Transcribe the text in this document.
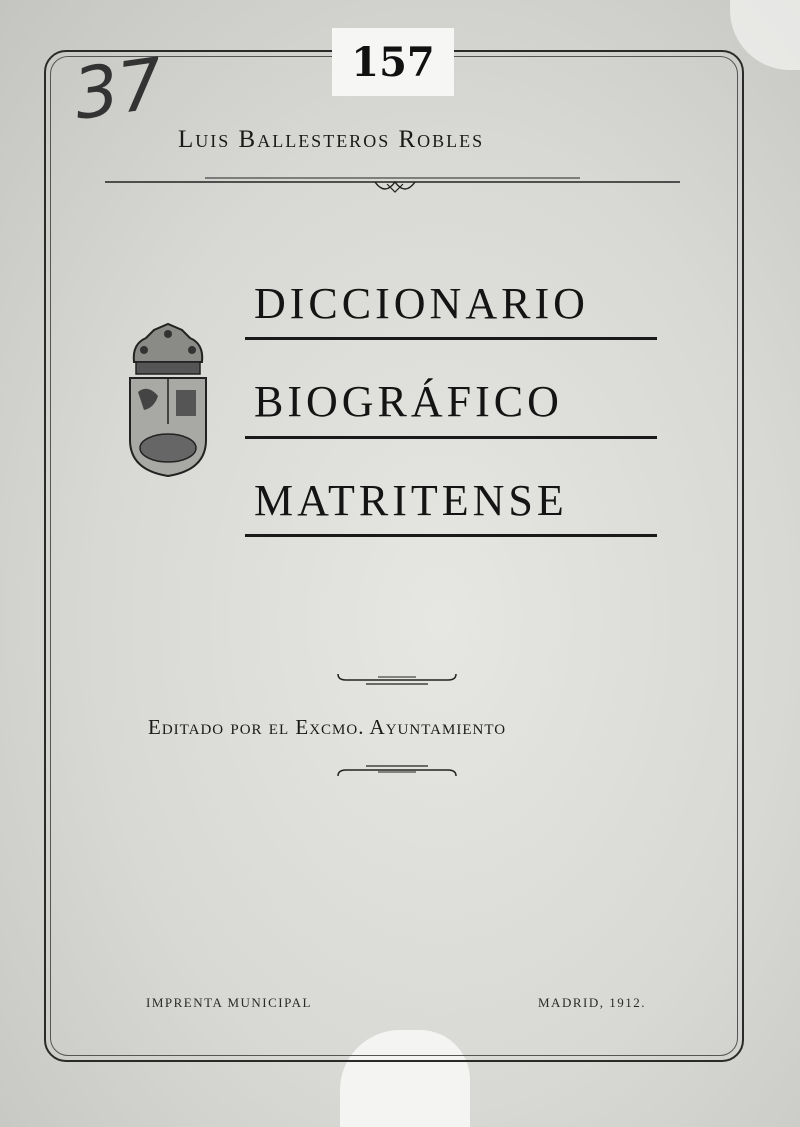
157
37
Luis Ballesteros Robles
DICCIONARIO
BIOGRÁFICO
MATRITENSE
Editado por el Excmo. Ayuntamiento
IMPRENTA MUNICIPAL	MADRID, 1912.
